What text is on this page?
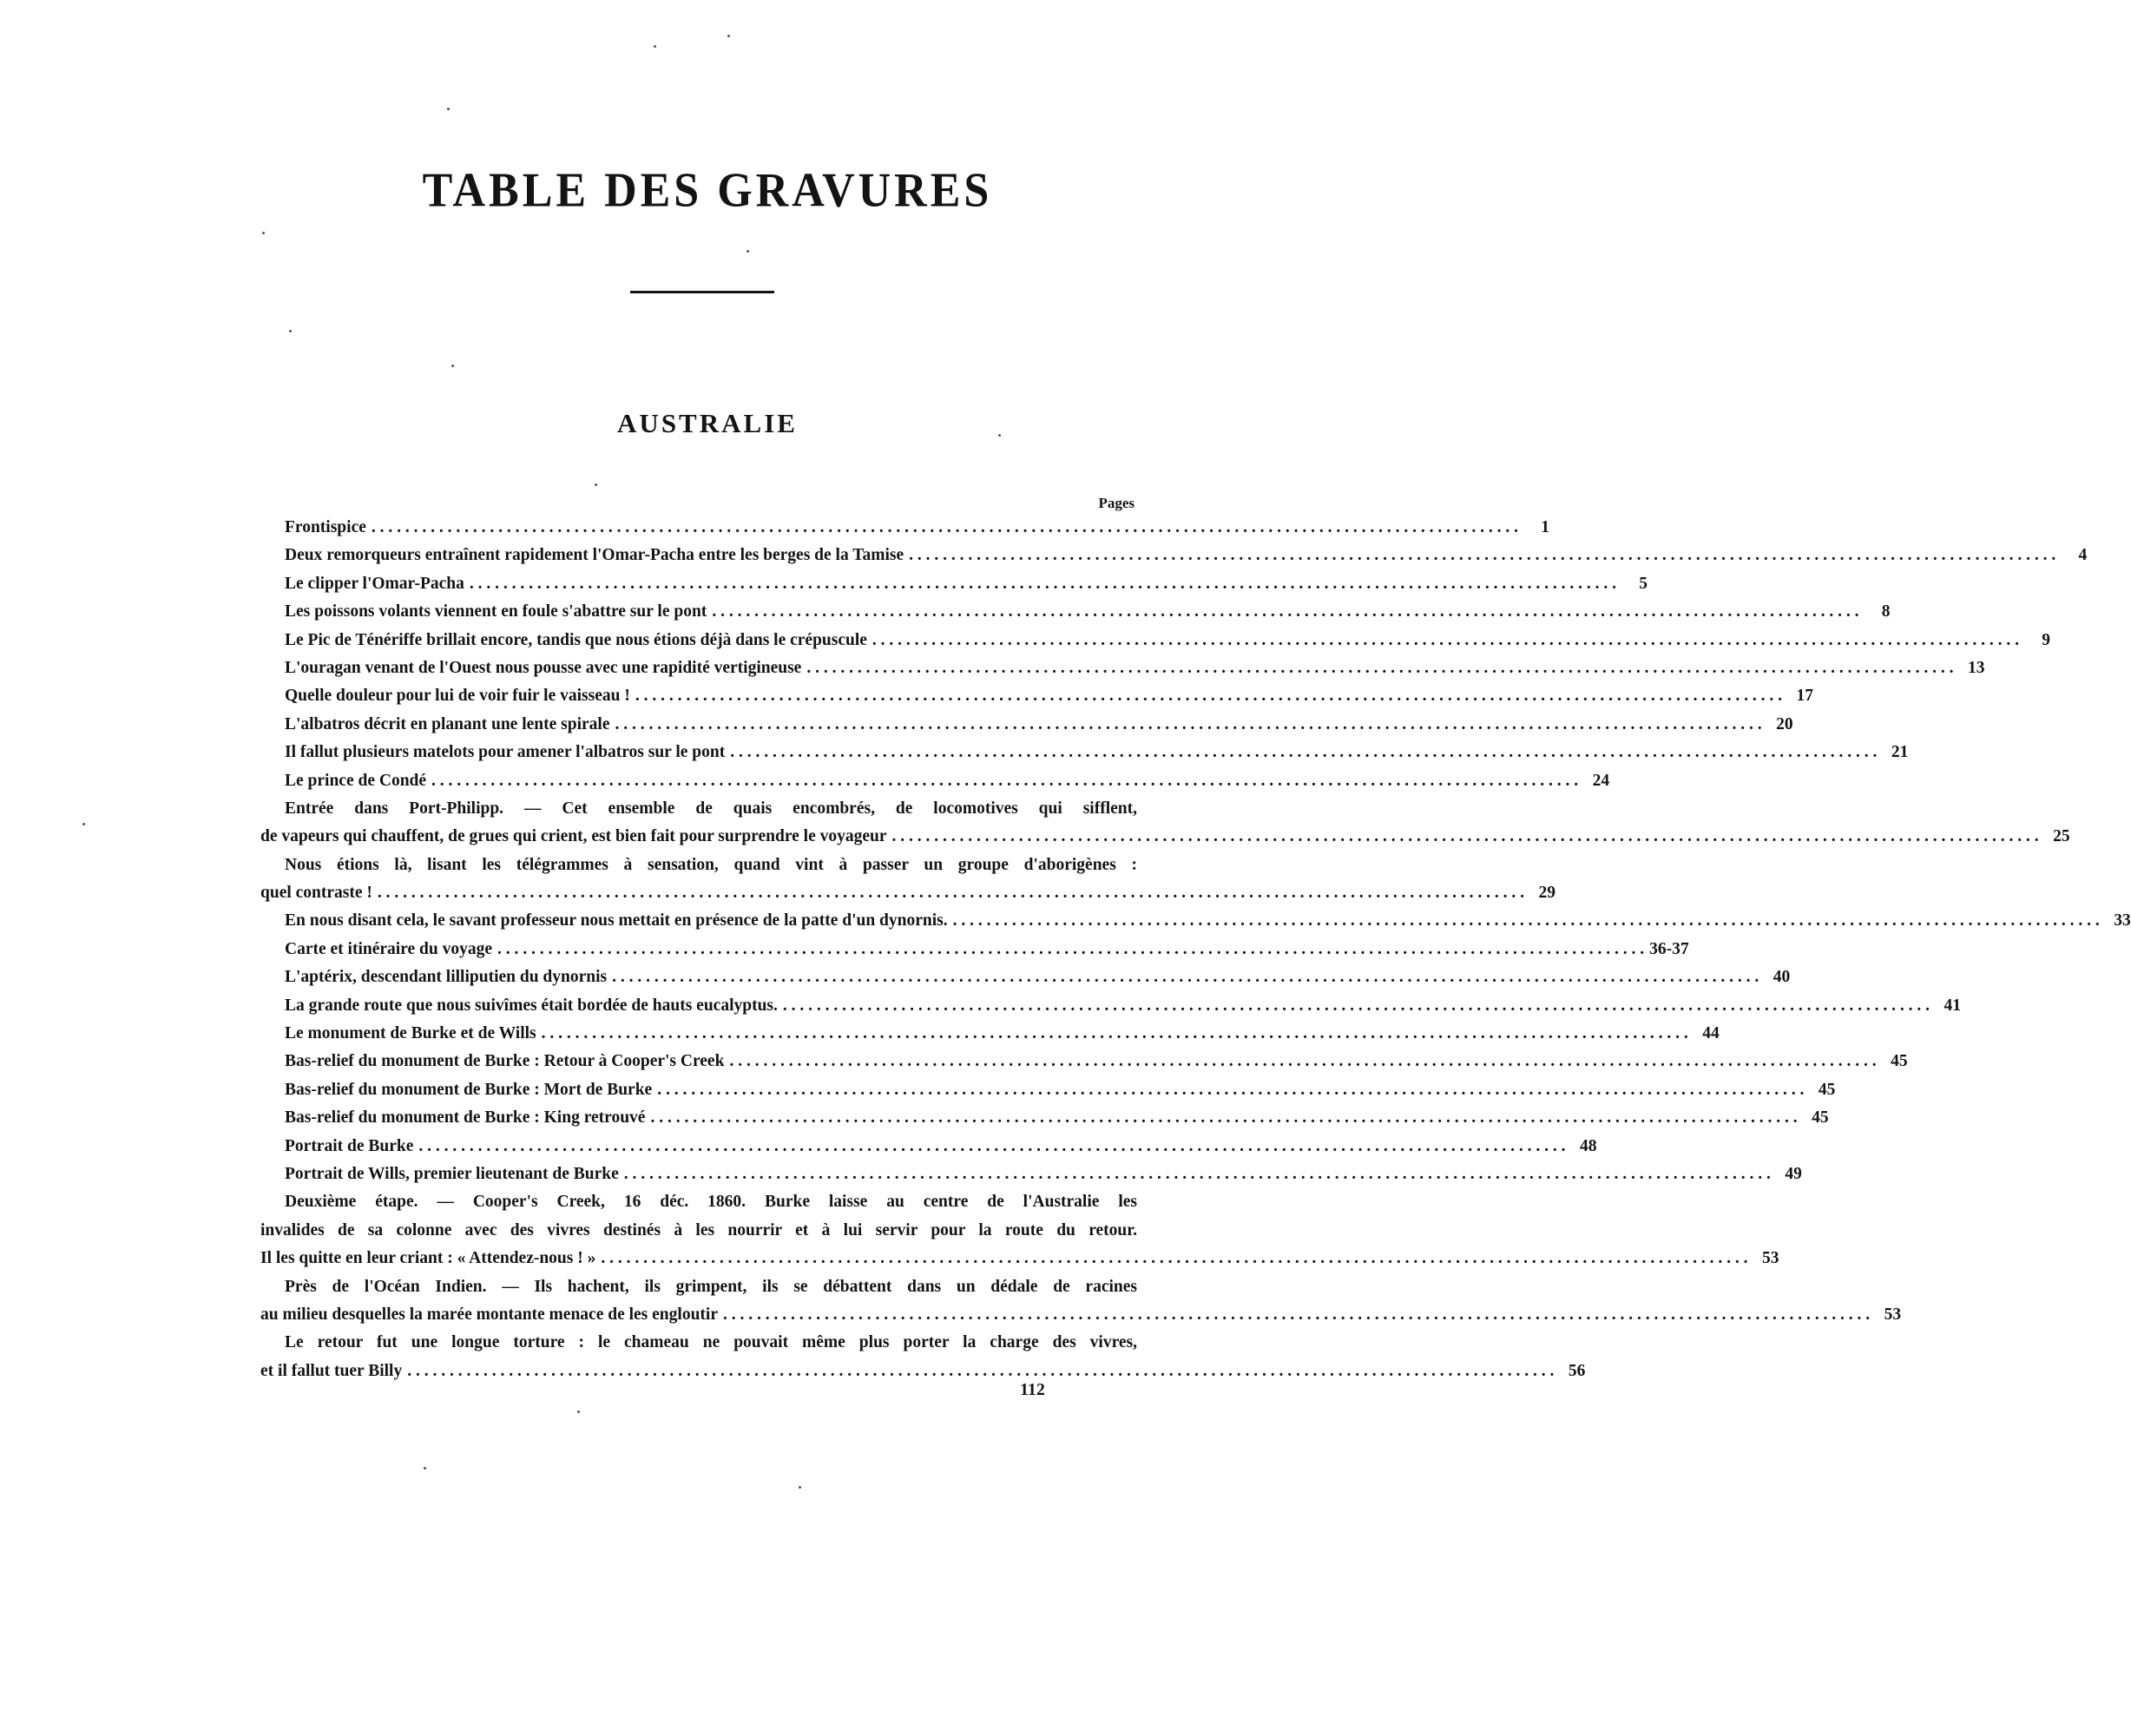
TABLE DES GRAVURES
AUSTRALIE
Pages
Frontispice . . .	1
Deux remorqueurs entraînent rapidement l'Omar-Pacha entre les berges de la Tamise . . .	4
Le clipper l'Omar-Pacha . . .	5
Les poissons volants viennent en foule s'abattre sur le pont . . .	8
Le Pic de Ténériffe brillait encore, tandis que nous étions déjà dans le crépuscule . . .	9
L'ouragan venant de l'Ouest nous pousse avec une rapidité vertigineuse . . .	13
Quelle douleur pour lui de voir fuir le vaisseau ! . . .	17
L'albatros décrit en planant une lente spirale . . .	20
Il fallut plusieurs matelots pour amener l'albatros sur le pont . . .	21
Le prince de Condé . . .	24
Entrée dans Port-Philipp. — Cet ensemble de quais encombrés, de locomotives qui sifflent,
de vapeurs qui chauffent, de grues qui crient, est bien fait pour surprendre le voyageur . . .	25
Nous étions là, lisant les télégrammes à sensation, quand vint à passer un groupe d'aborigènes :
quel contraste ! . . .	29
En nous disant cela, le savant professeur nous mettait en présence de la patte d'un dynornis. . . .	33
Carte et itinéraire du voyage . . .	36-37
L'aptérix, descendant lilliputien du dynornis . . .	40
La grande route que nous suivîmes était bordée de hauts eucalyptus. . . .	41
Le monument de Burke et de Wills . . .	44
Bas-relief du monument de Burke : Retour à Cooper's Creek . . .	45
Bas-relief du monument de Burke : Mort de Burke . . .	45
Bas-relief du monument de Burke : King retrouvé . . .	45
Portrait de Burke . . .	48
Portrait de Wills, premier lieutenant de Burke . . .	49
Deuxième étape. — Cooper's Creek, 16 déc. 1860. Burke laisse au centre de l'Australie les
invalides de sa colonne avec des vivres destinés à les nourrir et à lui servir pour la route du retour.
Il les quitte en leur criant : « Attendez-nous ! » . . .	53
Près de l'Océan Indien. — Ils hachent, ils grimpent, ils se débattent dans un dédale de racines
au milieu desquelles la marée montante menace de les engloutir . . .	53
Le retour fut une longue torture : le chameau ne pouvait même plus porter la charge des vivres,
et il fallut tuer Billy . . .	56
112
